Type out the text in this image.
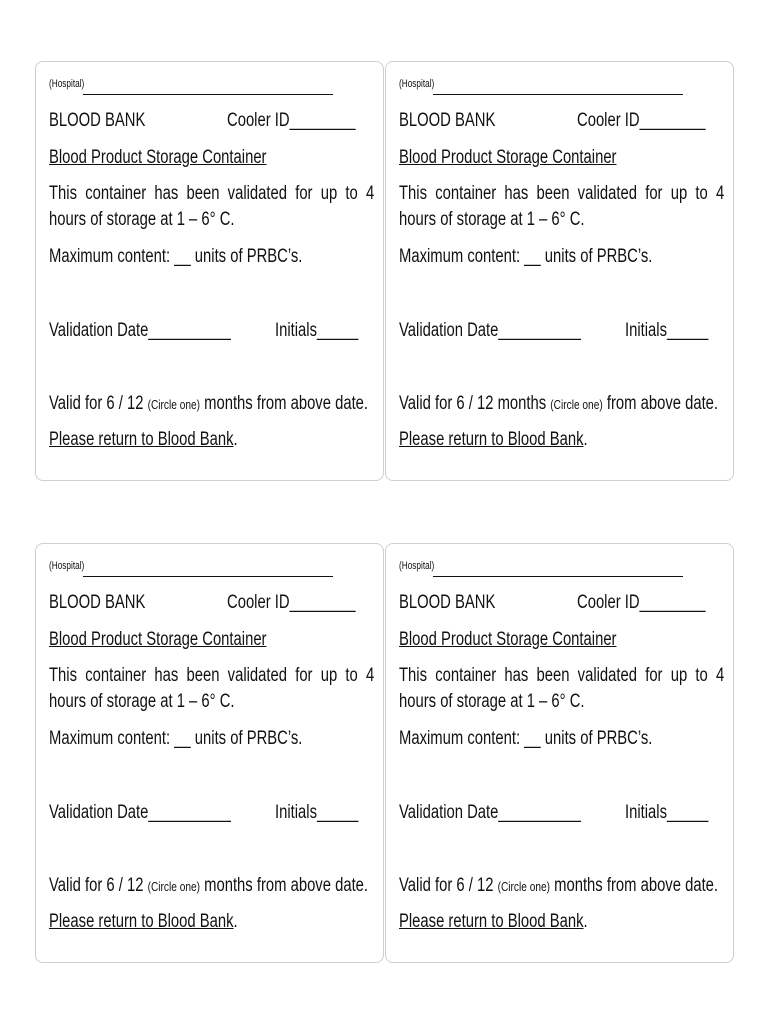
(Hospital)
BLOOD BANK	Cooler ID________
Blood Product Storage Container
This container has been validated for up to 4
hours of storage at 1 – 6° C.
Maximum content: __ units of PRBC’s.
Validation Date__________ Initials_____
Valid for 6 / 12 (Circle one) months from above date.
Please return to Blood Bank.
(Hospital)
BLOOD BANK	Cooler ID________
Blood Product Storage Container
This container has been validated for up to 4
hours of storage at 1 – 6° C.
Maximum content: __ units of PRBC’s.
Validation Date__________ Initials_____
Valid for 6 / 12 months (Circle one) from above date.
Please return to Blood Bank.
(Hospital)
BLOOD BANK	Cooler ID________
Blood Product Storage Container
This container has been validated for up to 4
hours of storage at 1 – 6° C.
Maximum content: __ units of PRBC’s.
Validation Date__________ Initials_____
Valid for 6 / 12 (Circle one) months from above date.
Please return to Blood Bank.
(Hospital)
BLOOD BANK	Cooler ID________
Blood Product Storage Container
This container has been validated for up to 4
hours of storage at 1 – 6° C.
Maximum content: __ units of PRBC’s.
Validation Date__________ Initials_____
Valid for 6 / 12 (Circle one) months from above date.
Please return to Blood Bank.
